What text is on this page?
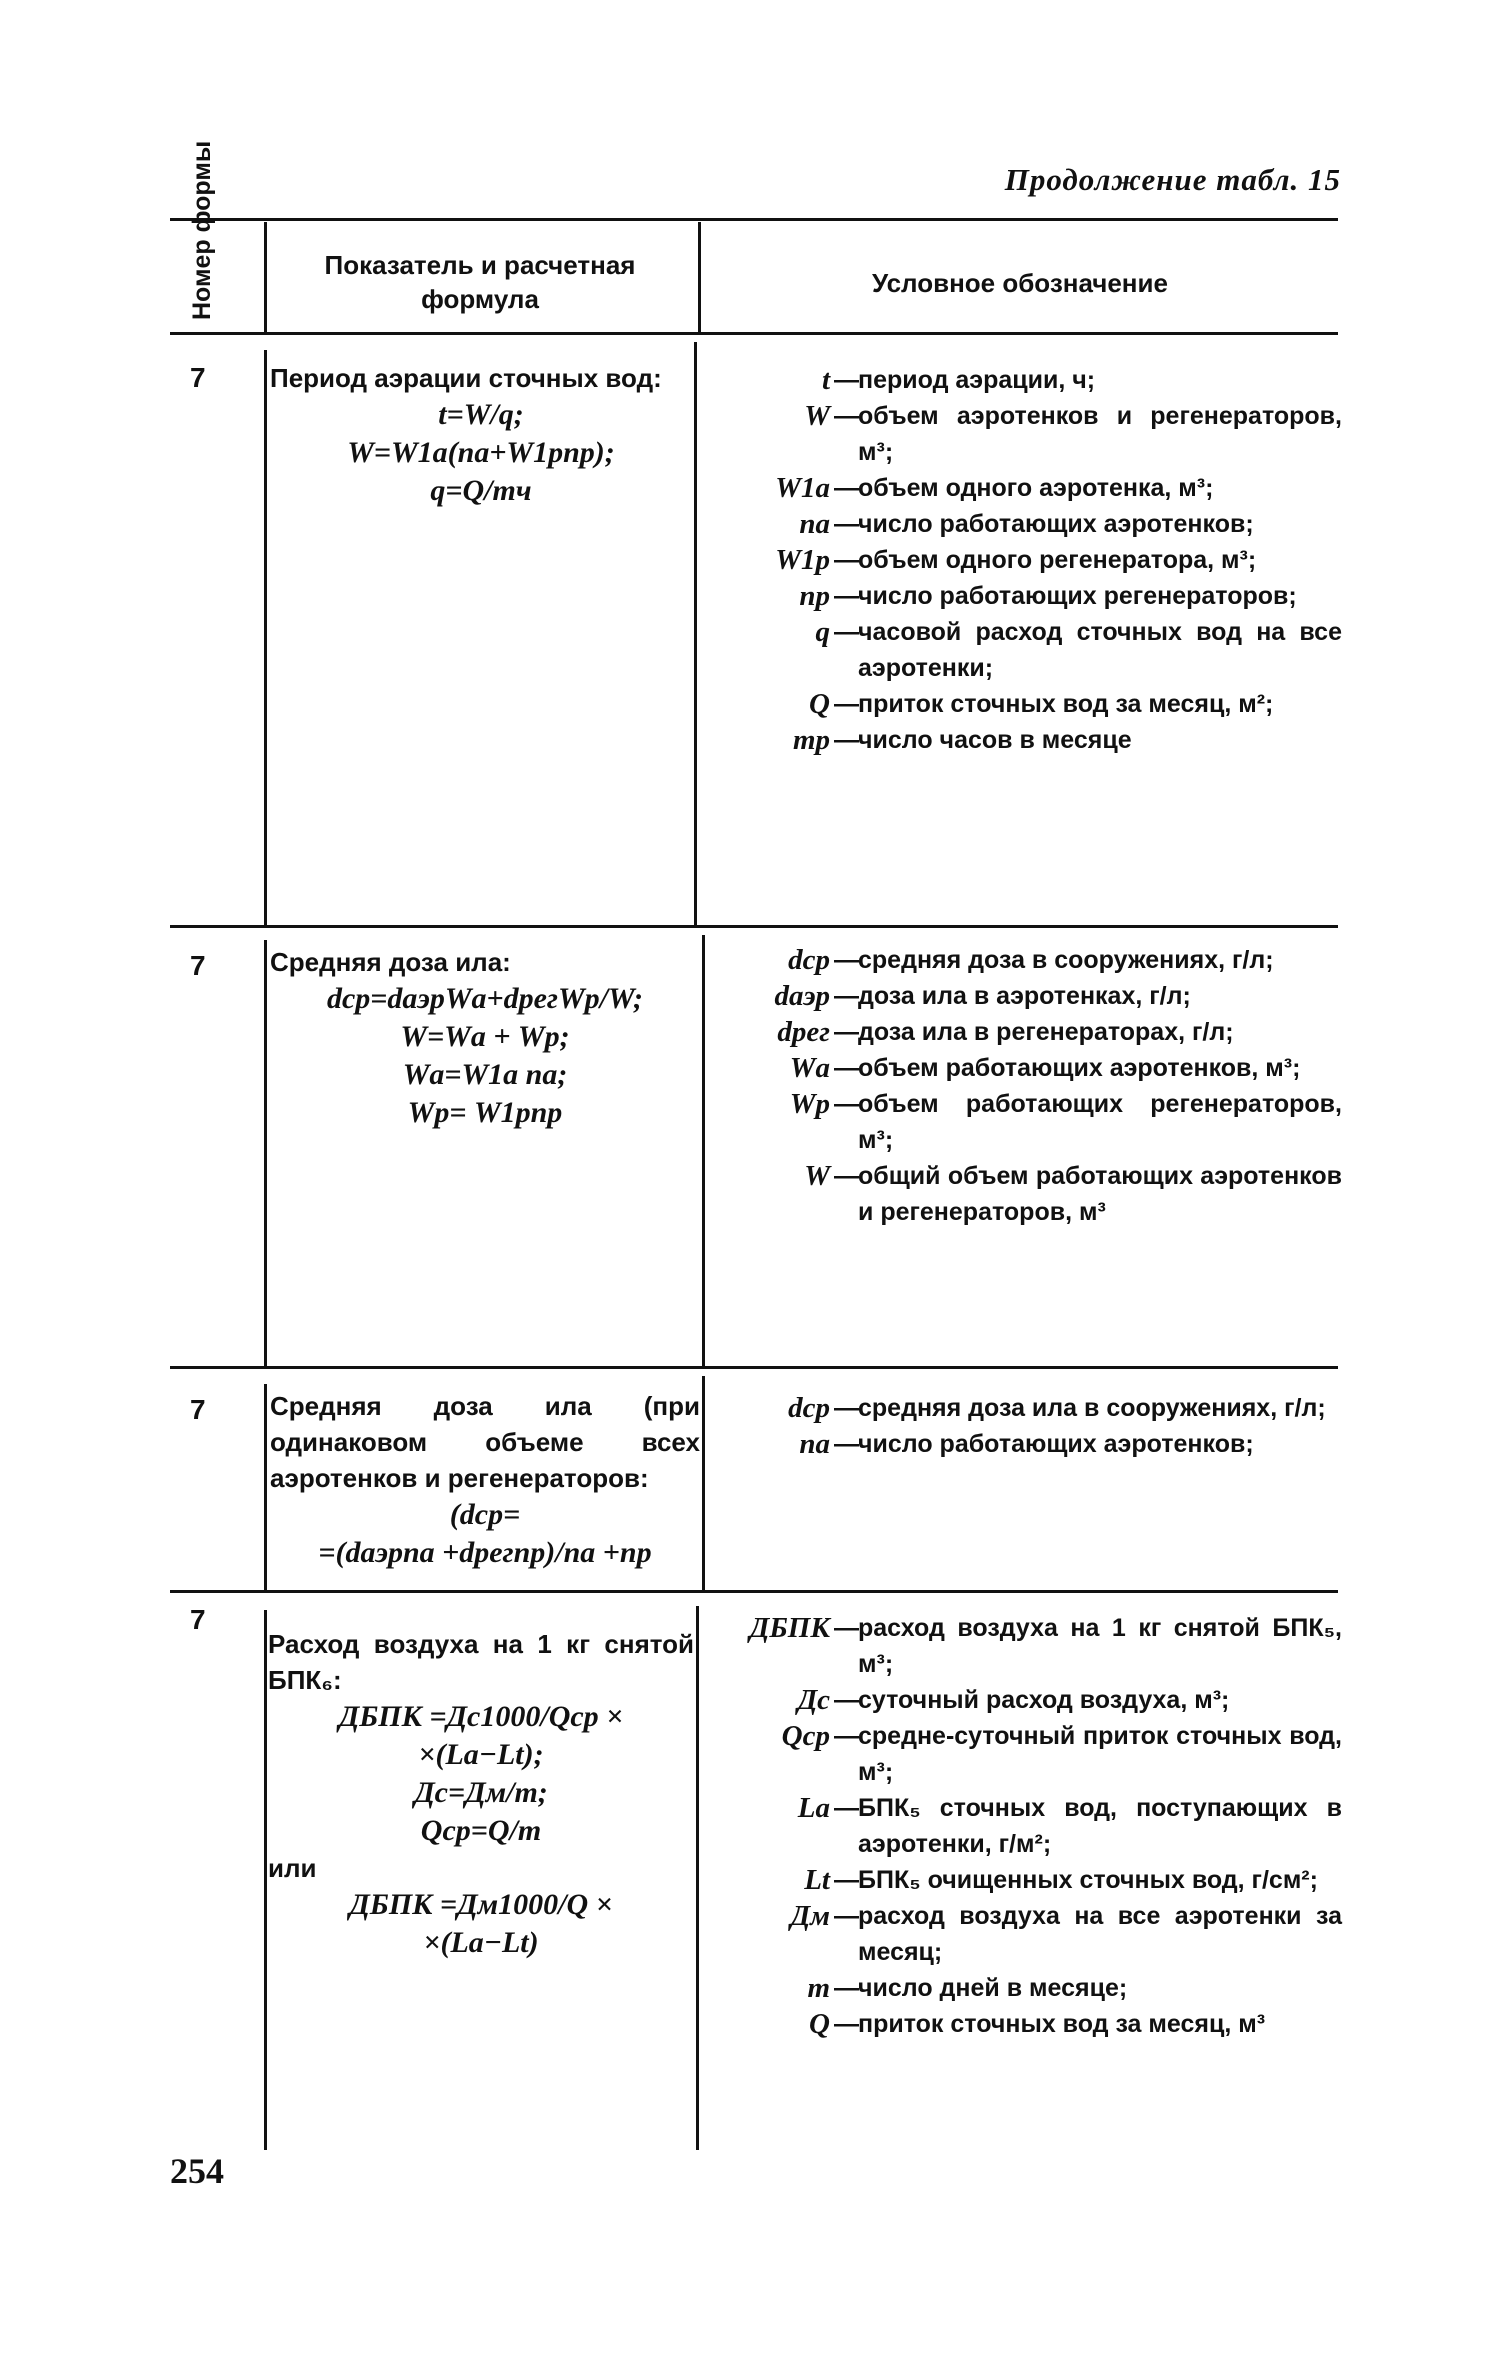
Продолжение табл. 15
Номер формы	Показатель и расчетная формула
Условное обозначение
7 Период аэрации сточных вод:
t=W/q;
W=W1а(nа+W1рnр);
q=Q/mч
t — период аэрации, ч;
W — объем аэротенков и регенераторов, м³;
W1а — объем одного аэротенка, м³;
nа — число работающих аэротенков;
W1р — объем одного регенератора, м³;
nр — число работающих регенераторов;
q — часовой расход сточных вод на все аэротенки;
Q — приток сточных вод за месяц, м²;
mр — число часов в месяце
7 Средняя доза ила:
dср=dаэрWа+dрегWр/W;
W=Wа + Wр;
Wа=W1а nа;
Wр= W1рnр
dср — средняя доза в сооружениях, г/л;
dаэр — доза ила в аэротенках, г/л;
dрег — доза ила в регенераторах, г/л;
Wа — объем работающих аэротенков, м³;
Wр — объем работающих регенераторов, м³;
W — общий объем работающих аэротенков и регенераторов, м³
7 Средняя доза ила (при одинаковом объеме всех аэротенков и регенераторов:
(dср=
=(dаэрnа +dрегnр)/nа +nр
dср — средняя доза ила в сооружениях, г/л;
nа — число работающих аэротенков;
7
Расход воздуха на 1 кг снятой БПК₆:
ДБПК =Дс1000/Qср ×
×(Lа−Lt);
Дс=Дм/m;
Qср=Q/m
или
ДБПК =Дм1000/Q ×
×(Lа−Lt)
ДБПК — расход воздуха на 1 кг снятой БПК₅, м³;
Дс — суточный расход воздуха, м³;
Qср — средне-суточный приток сточных вод, м³;
Lа — БПК₅ сточных вод, поступающих в аэротенки, г/м²;
Lt — БПК₅ очищенных сточных вод, г/см²;
Дм — расход воздуха на все аэротенки за месяц;
m — число дней в месяце;
Q — приток сточных вод за месяц, м³
254
